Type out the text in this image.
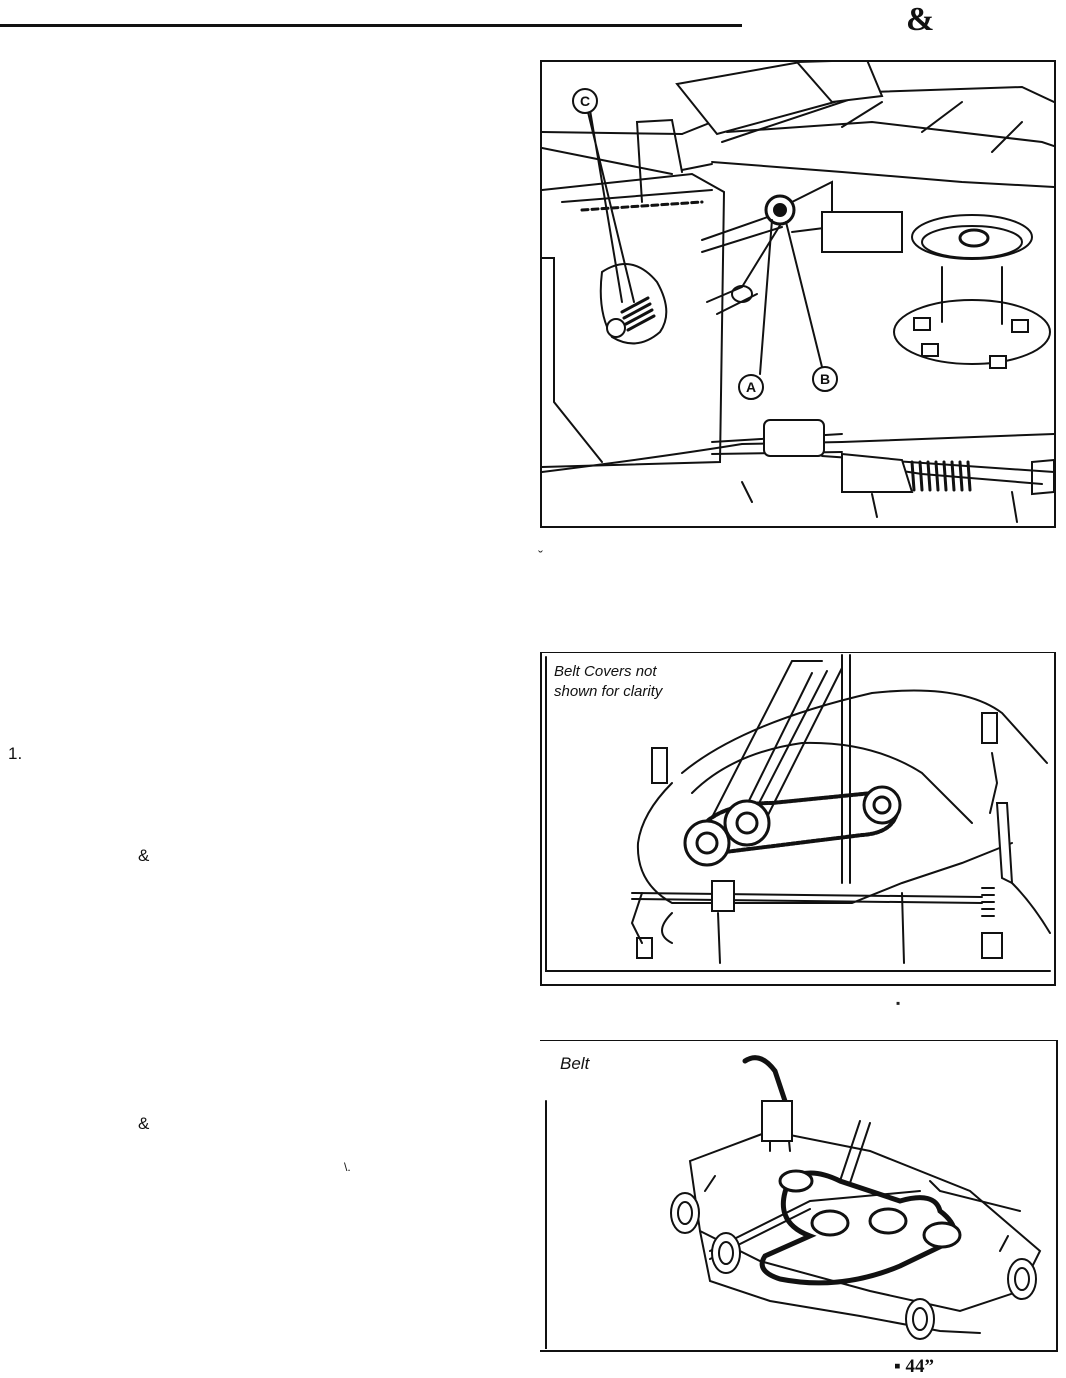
&
1.
&
&
\.
C
A	B
ˇ
Belt Covers not
shown for clarity
▪
Belt
▪ 44”
